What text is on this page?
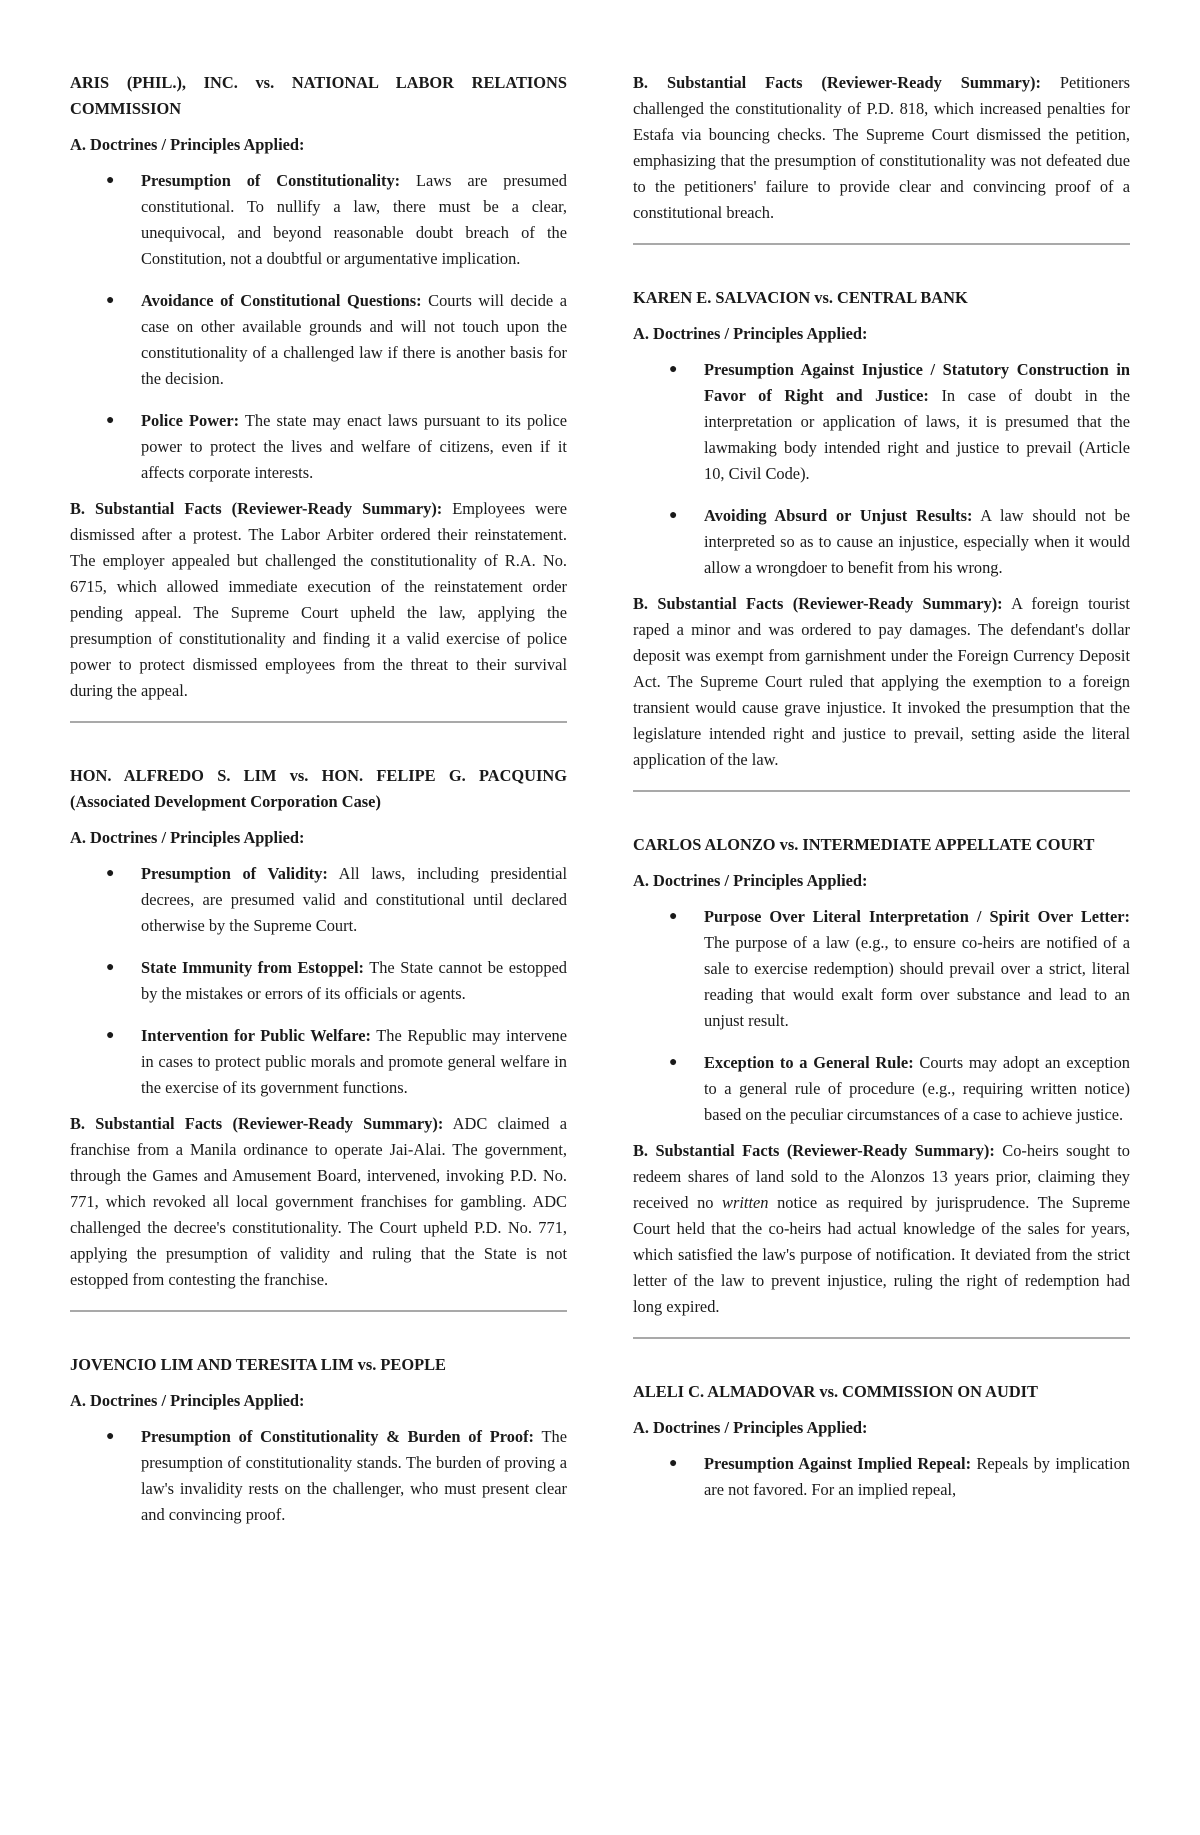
ARIS (PHIL.), INC. vs. NATIONAL LABOR RELATIONS COMMISSION

A. Doctrines / Principles Applied:

● Presumption of Constitutionality: Laws are presumed constitutional. To nullify a law, there must be a clear, unequivocal, and beyond reasonable doubt breach of the Constitution, not a doubtful or argumentative implication.
● Avoidance of Constitutional Questions: Courts will decide a case on other available grounds and will not touch upon the constitutionality of a challenged law if there is another basis for the decision.
● Police Power: The state may enact laws pursuant to its police power to protect the lives and welfare of citizens, even if it affects corporate interests.

B. Substantial Facts (Reviewer-Ready Summary): Employees were dismissed after a protest. The Labor Arbiter ordered their reinstatement. The employer appealed but challenged the constitutionality of R.A. No. 6715, which allowed immediate execution of the reinstatement order pending appeal. The Supreme Court upheld the law, applying the presumption of constitutionality and finding it a valid exercise of police power to protect dismissed employees from the threat to their survival during the appeal.

HON. ALFREDO S. LIM vs. HON. FELIPE G. PACQUING (Associated Development Corporation Case)

A. Doctrines / Principles Applied:

● Presumption of Validity: All laws, including presidential decrees, are presumed valid and constitutional until declared otherwise by the Supreme Court.
● State Immunity from Estoppel: The State cannot be estopped by the mistakes or errors of its officials or agents.
● Intervention for Public Welfare: The Republic may intervene in cases to protect public morals and promote general welfare in the exercise of its government functions.

B. Substantial Facts (Reviewer-Ready Summary): ADC claimed a franchise from a Manila ordinance to operate Jai-Alai. The government, through the Games and Amusement Board, intervened, invoking P.D. No. 771, which revoked all local government franchises for gambling. ADC challenged the decree's constitutionality. The Court upheld P.D. No. 771, applying the presumption of validity and ruling that the State is not estopped from contesting the franchise.

JOVENCIO LIM AND TERESITA LIM vs. PEOPLE

A. Doctrines / Principles Applied:

● Presumption of Constitutionality & Burden of Proof: The presumption of constitutionality stands. The burden of proving a law's invalidity rests on the challenger, who must present clear and convincing proof.

B. Substantial Facts (Reviewer-Ready Summary): Petitioners challenged the constitutionality of P.D. 818, which increased penalties for Estafa via bouncing checks. The Supreme Court dismissed the petition, emphasizing that the presumption of constitutionality was not defeated due to the petitioners' failure to provide clear and convincing proof of a constitutional breach.

KAREN E. SALVACION vs. CENTRAL BANK

A. Doctrines / Principles Applied:

● Presumption Against Injustice / Statutory Construction in Favor of Right and Justice: In case of doubt in the interpretation or application of laws, it is presumed that the lawmaking body intended right and justice to prevail (Article 10, Civil Code).
● Avoiding Absurd or Unjust Results: A law should not be interpreted so as to cause an injustice, especially when it would allow a wrongdoer to benefit from his wrong.

B. Substantial Facts (Reviewer-Ready Summary): A foreign tourist raped a minor and was ordered to pay damages. The defendant's dollar deposit was exempt from garnishment under the Foreign Currency Deposit Act. The Supreme Court ruled that applying the exemption to a foreign transient would cause grave injustice. It invoked the presumption that the legislature intended right and justice to prevail, setting aside the literal application of the law.

CARLOS ALONZO vs. INTERMEDIATE APPELLATE COURT

A. Doctrines / Principles Applied:

● Purpose Over Literal Interpretation / Spirit Over Letter: The purpose of a law (e.g., to ensure co-heirs are notified of a sale to exercise redemption) should prevail over a strict, literal reading that would exalt form over substance and lead to an unjust result.
● Exception to a General Rule: Courts may adopt an exception to a general rule of procedure (e.g., requiring written notice) based on the peculiar circumstances of a case to achieve justice.

B. Substantial Facts (Reviewer-Ready Summary): Co-heirs sought to redeem shares of land sold to the Alonzos 13 years prior, claiming they received no written notice as required by jurisprudence. The Supreme Court held that the co-heirs had actual knowledge of the sales for years, which satisfied the law's purpose of notification. It deviated from the strict letter of the law to prevent injustice, ruling the right of redemption had long expired.

ALELI C. ALMADOVAR vs. COMMISSION ON AUDIT

A. Doctrines / Principles Applied:

● Presumption Against Implied Repeal: Repeals by implication are not favored. For an implied repeal,
